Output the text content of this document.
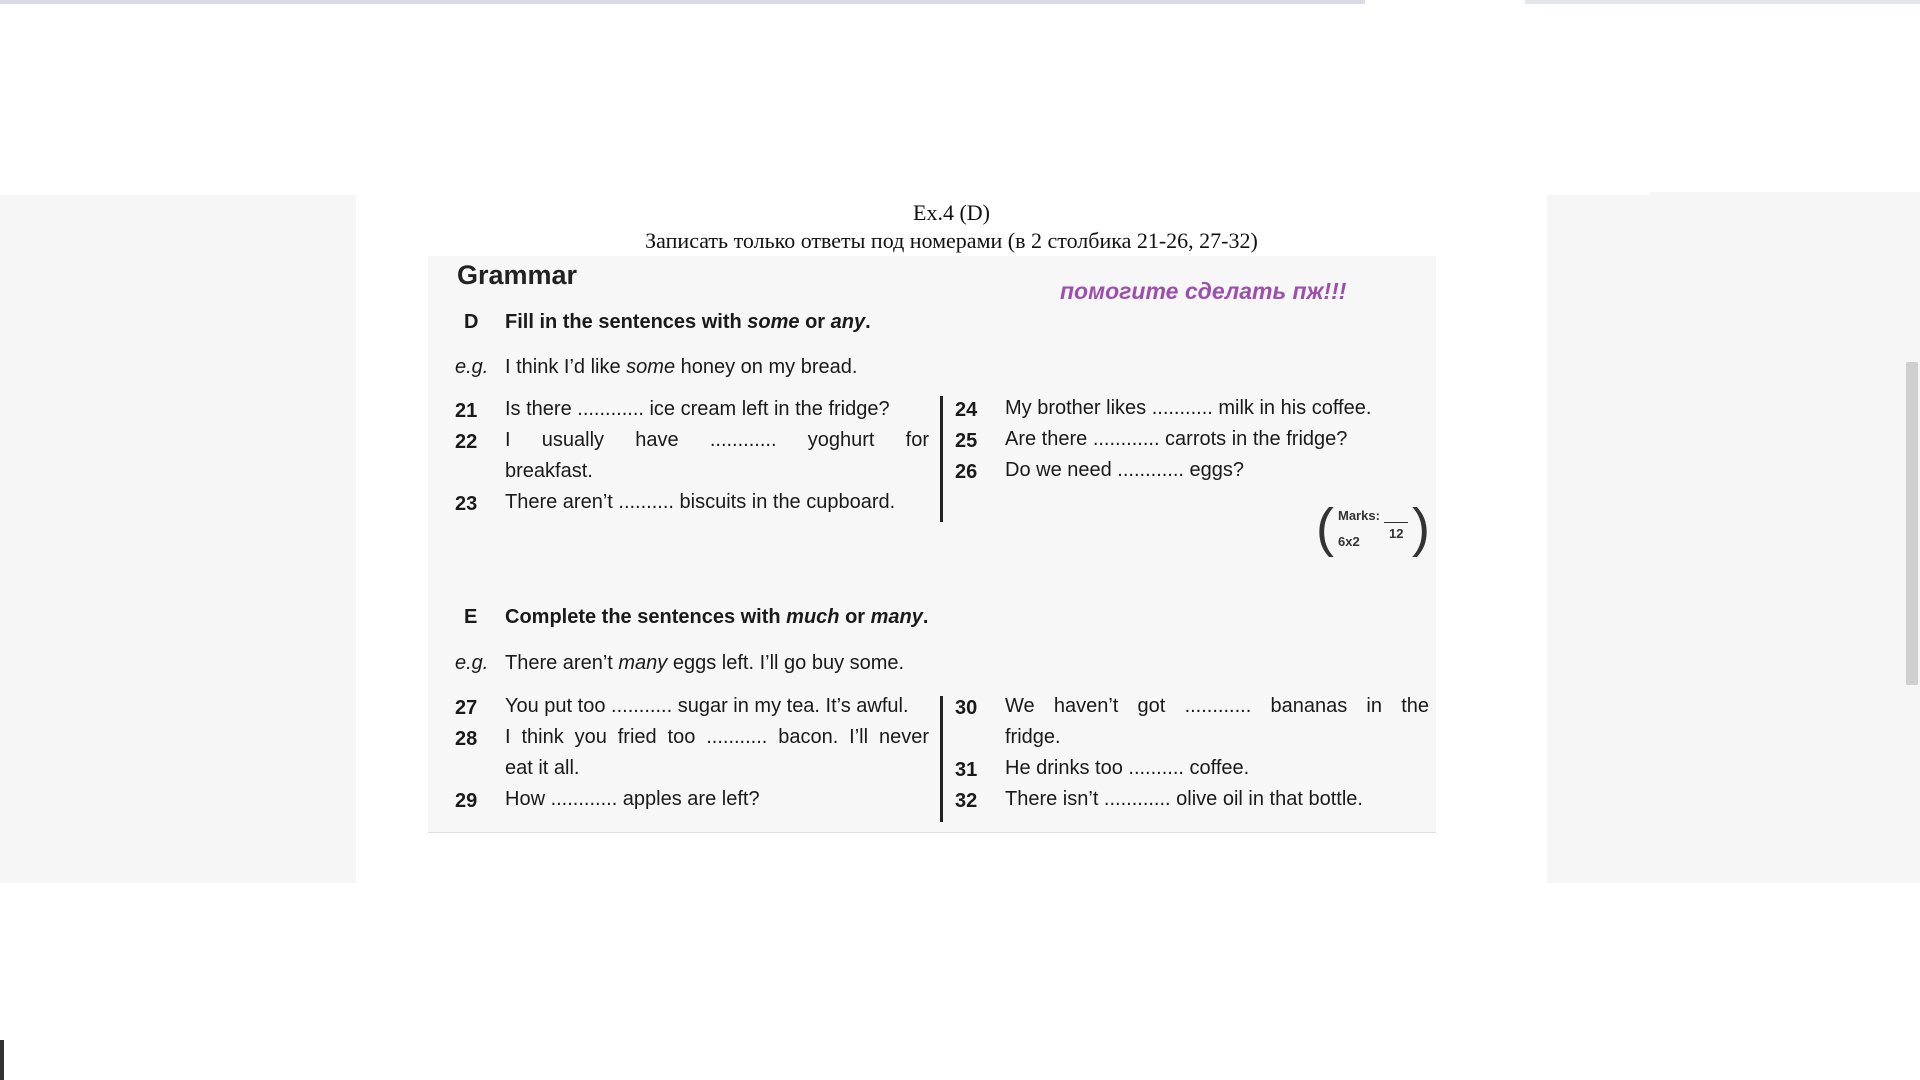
Ex.4 (D)
Записать только ответы под номерами (в 2 столбика 21-26, 27-32)
Grammar
помогите сделать пж!!!
D Fill in the sentences with some or any.
e.g. I think I’d like some honey on my bread.
21 Is there ............ ice cream left in the fridge?
22 I usually have ............ yoghurt for
breakfast.
23 There aren’t .......... biscuits in the cupboard.
24 My brother likes ........... milk in his coffee.
25 Are there ............ carrots in the fridge?
26 Do we need ............ eggs?
( )
Marks:
12
6x2
E Complete the sentences with much or many.
e.g. There aren’t many eggs left. I’ll go buy some.
27 You put too ........... sugar in my tea. It’s awful.
28 I think you fried too ........... bacon. I’ll never
eat it all.
29 How ............ apples are left?
30 We haven’t got ............ bananas in the
fridge.
31 He drinks too .......... coffee.
32 There isn’t ............ olive oil in that bottle.
